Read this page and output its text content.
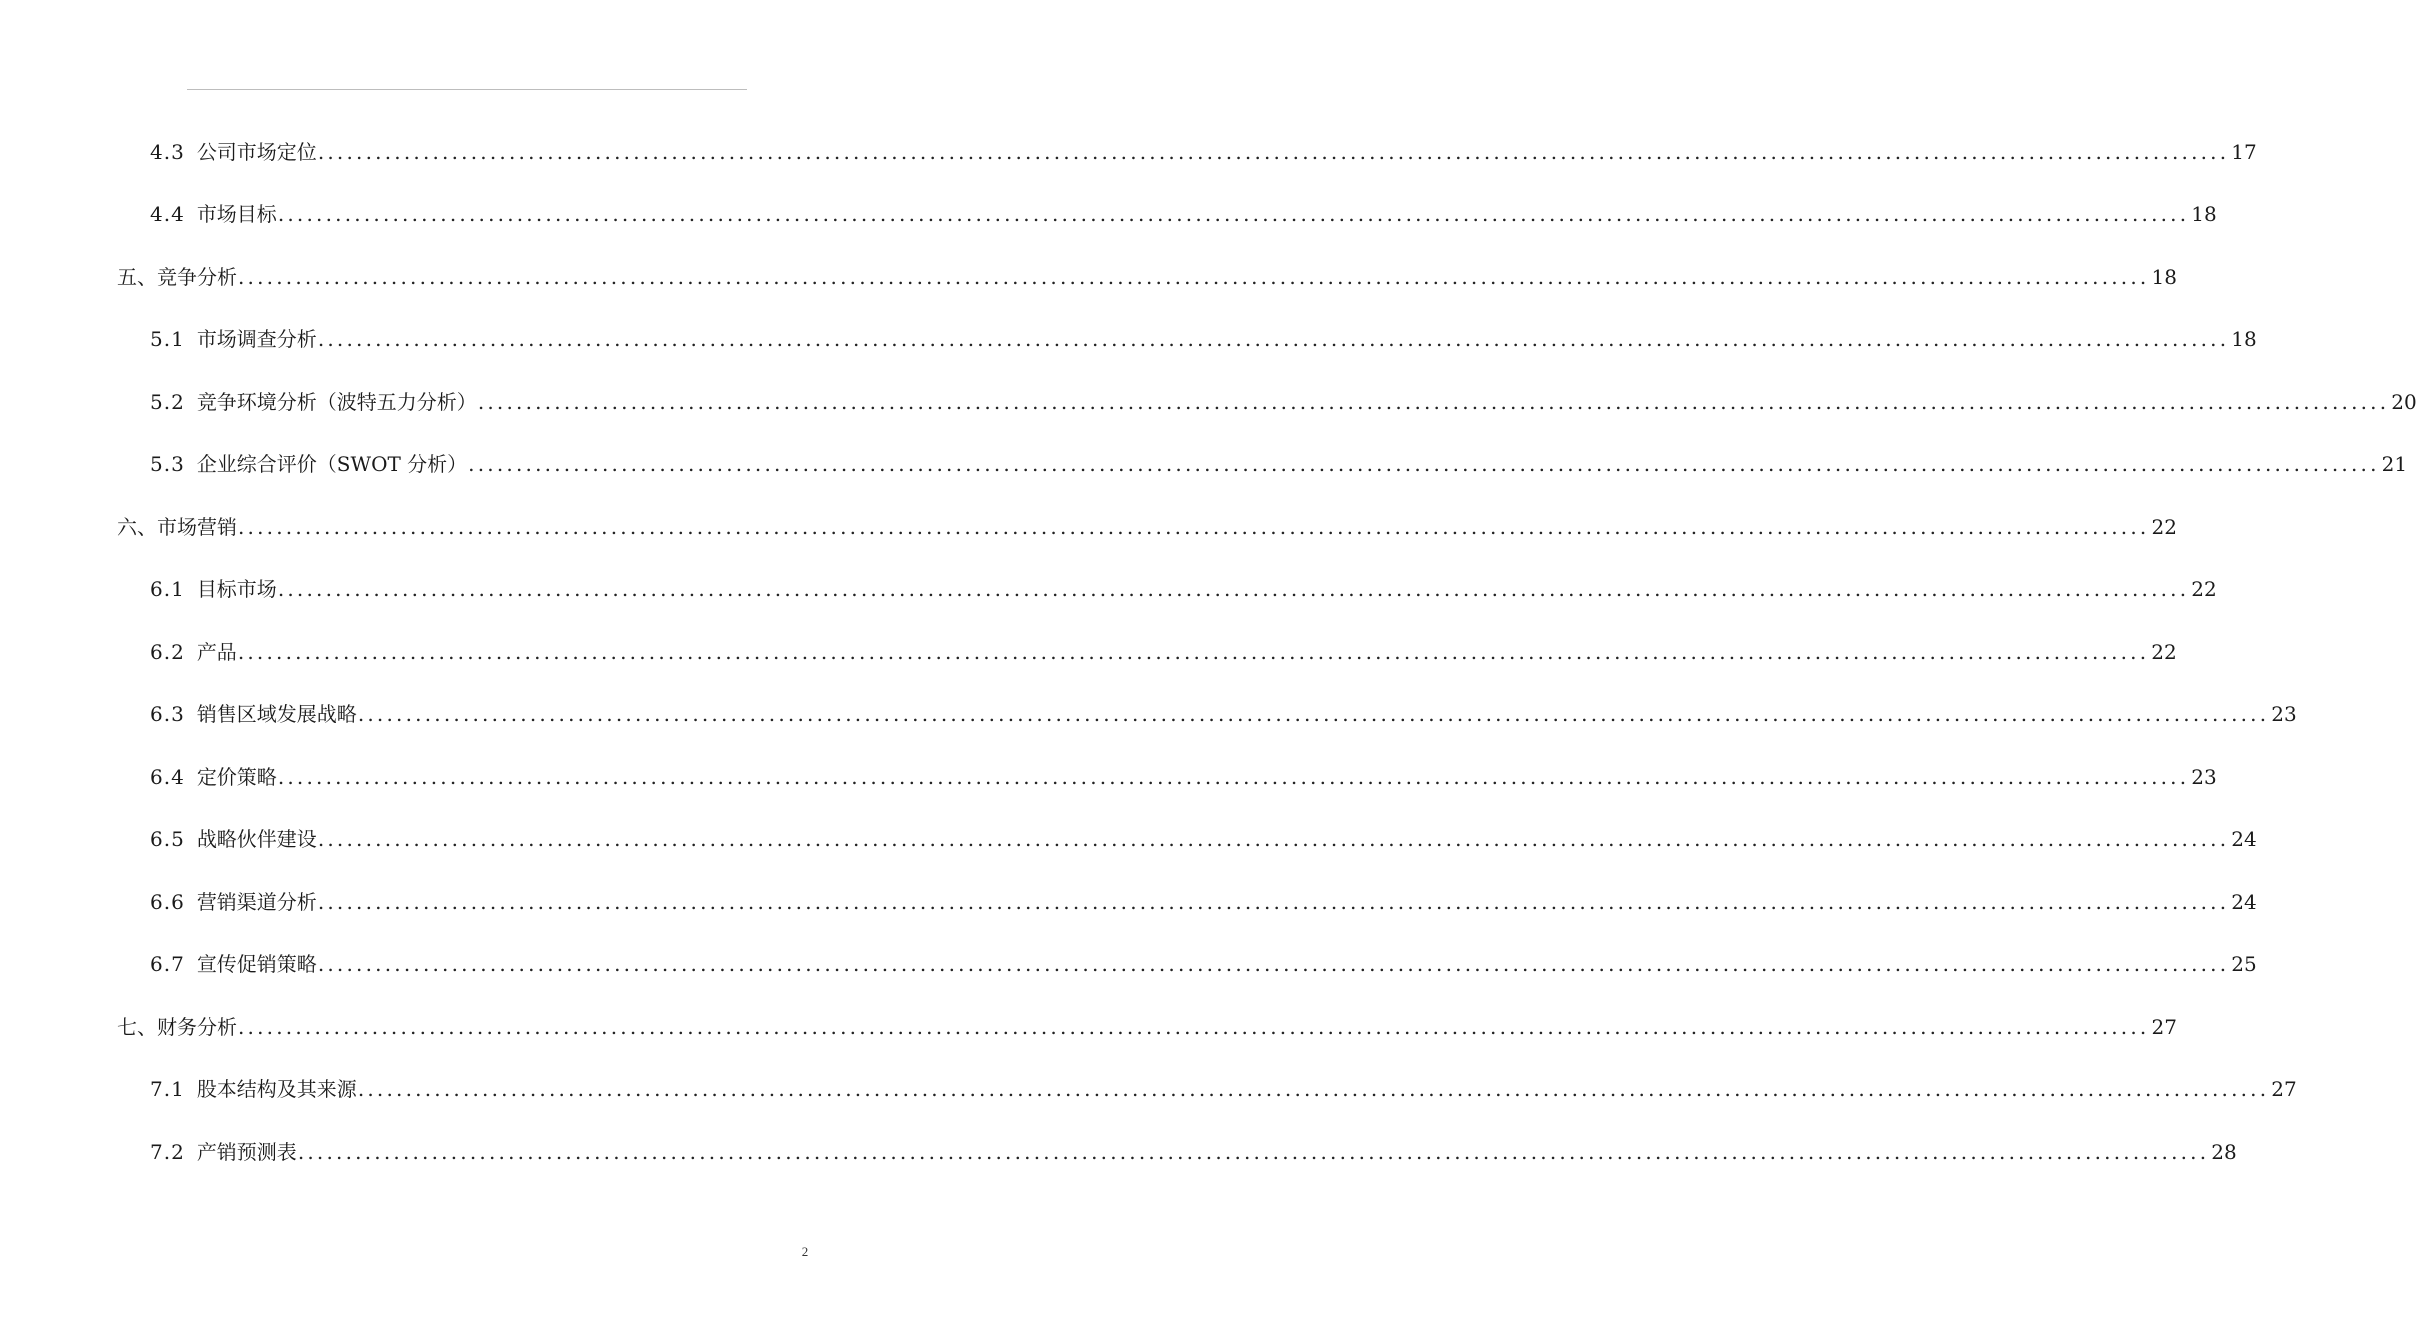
4.3 公司市场定位 ........................................................................................................................................................................................................ 17
4.4 市场目标 ........................................................................................................................................................................................................ 18
五、竞争分析 ........................................................................................................................................................................................................ 18
5.1 市场调查分析 ........................................................................................................................................................................................................ 18
5.2 竞争环境分析（波特五力分析） ........................................................................................................................................................................................................ 20
5.3 企业综合评价（SWOT 分析） ........................................................................................................................................................................................................ 21
六、市场营销 ........................................................................................................................................................................................................ 22
6.1 目标市场 ........................................................................................................................................................................................................ 22
6.2 产品 ........................................................................................................................................................................................................ 22
6.3 销售区域发展战略 ........................................................................................................................................................................................................ 23
6.4 定价策略 ........................................................................................................................................................................................................ 23
6.5 战略伙伴建设 ........................................................................................................................................................................................................ 24
6.6 营销渠道分析 ........................................................................................................................................................................................................ 24
6.7 宣传促销策略 ........................................................................................................................................................................................................ 25
七、财务分析 ........................................................................................................................................................................................................ 27
7.1 股本结构及其来源 ........................................................................................................................................................................................................ 27
7.2 产销预测表 ........................................................................................................................................................................................................ 28
2
